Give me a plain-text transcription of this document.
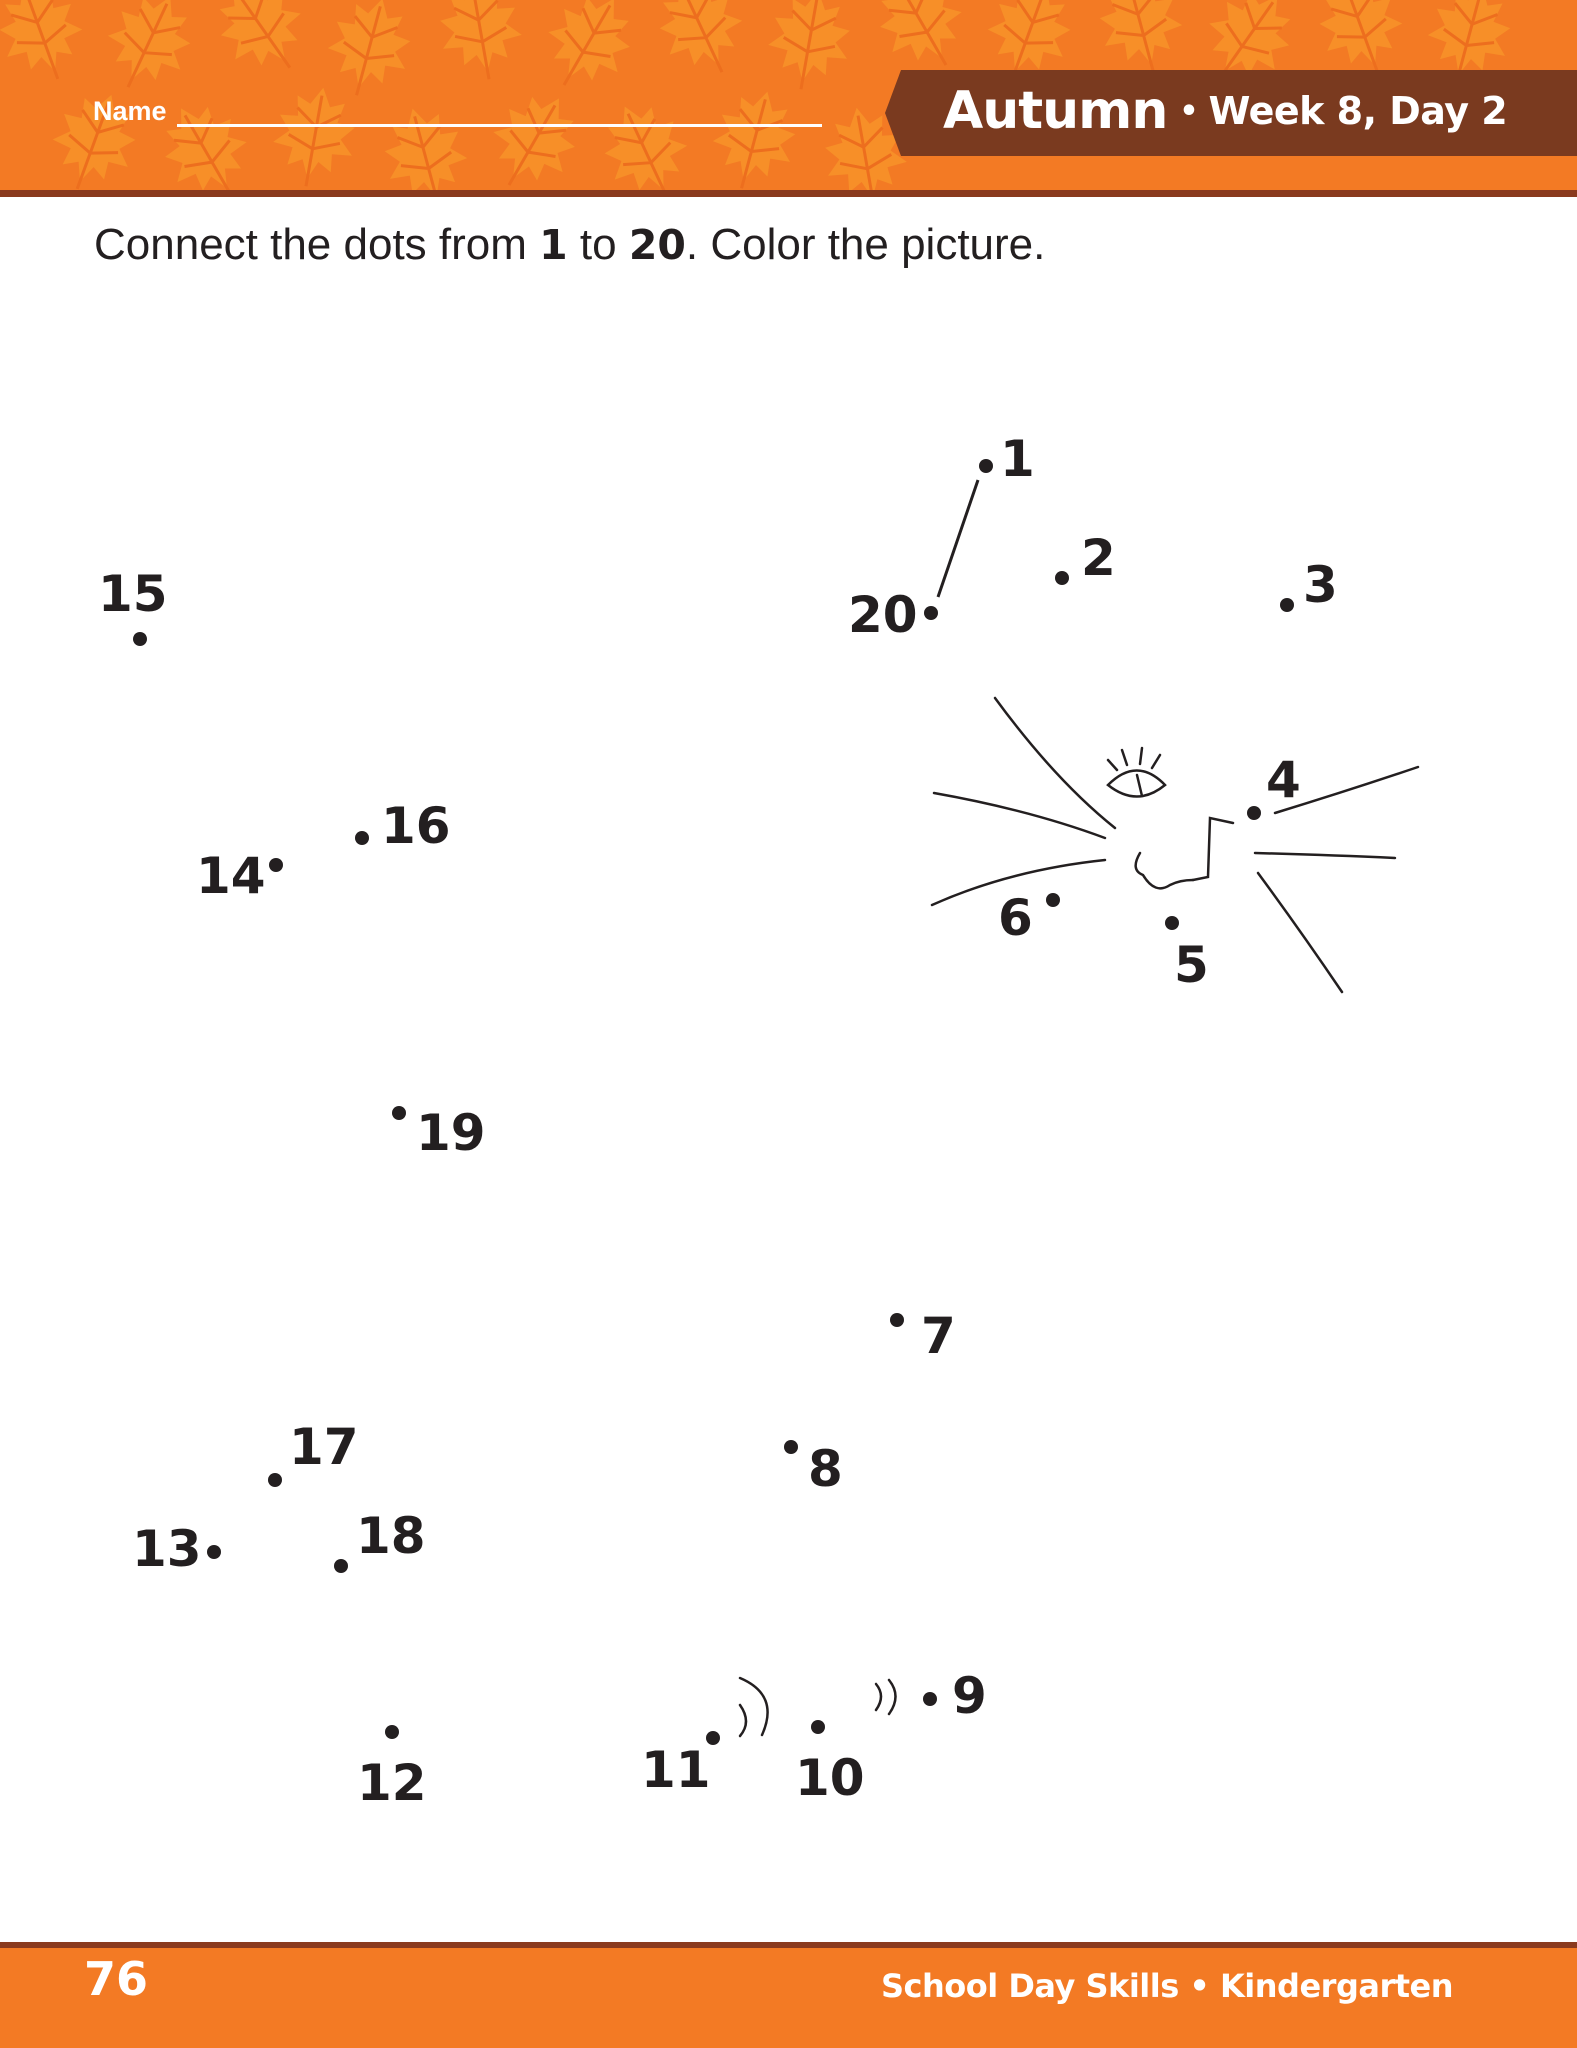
Name	Autumn • Week 8, Day 2
Connect the dots from 1 to 20. Color the picture.
1
2	3
4
5
6
7
8
9
10
11
12
13
14
15
16
17
18
19
20
76	School Day Skills • Kindergarten
